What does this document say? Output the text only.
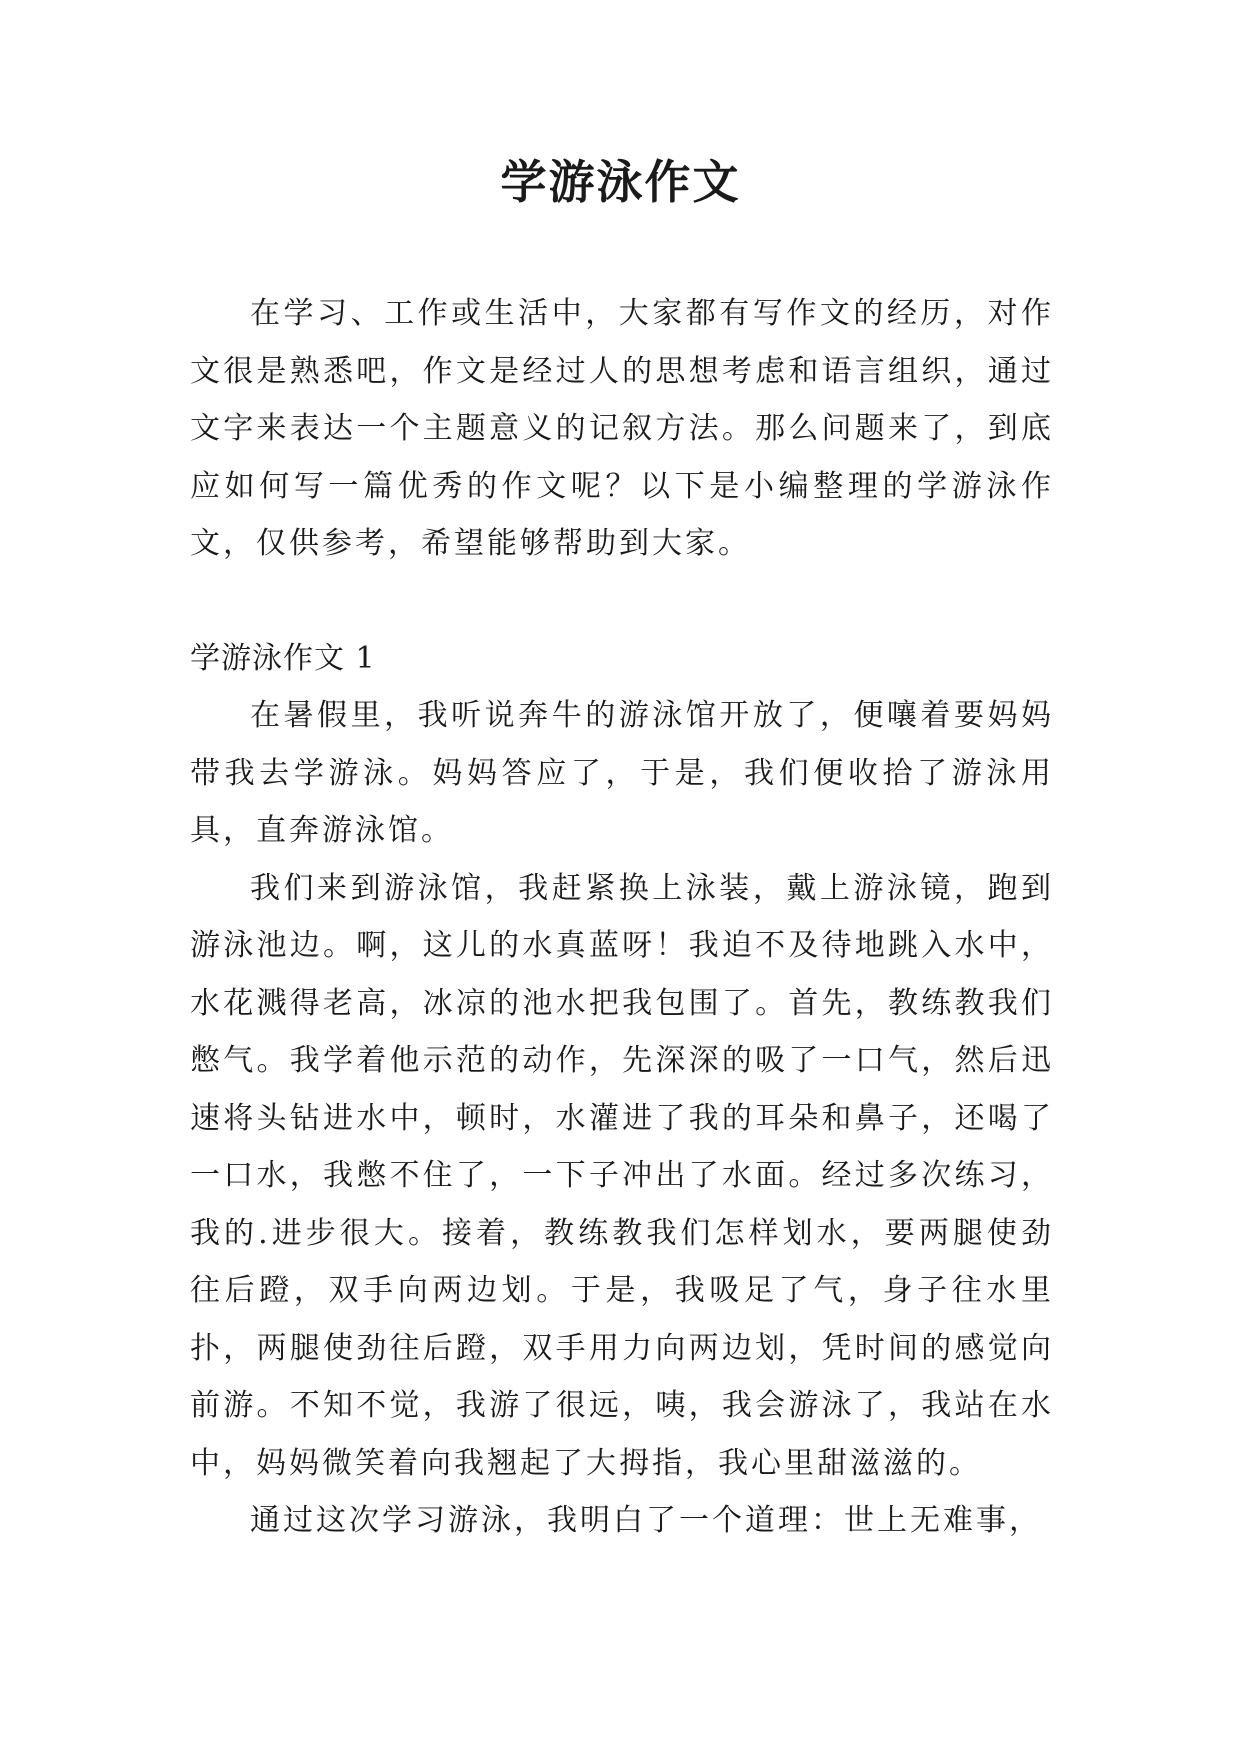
学游泳作文

在学习、工作或生活中，大家都有写作文的经历，对作文很是熟悉吧，作文是经过人的思想考虑和语言组织，通过文字来表达一个主题意义的记叙方法。那么问题来了，到底应如何写一篇优秀的作文呢？以下是小编整理的学游泳作文，仅供参考，希望能够帮助到大家。

学游泳作文 1

在暑假里，我听说奔牛的游泳馆开放了，便嚷着要妈妈带我去学游泳。妈妈答应了，于是，我们便收拾了游泳用具，直奔游泳馆。

我们来到游泳馆，我赶紧换上泳装，戴上游泳镜，跑到游泳池边。啊，这儿的水真蓝呀！我迫不及待地跳入水中，水花溅得老高，冰凉的池水把我包围了。首先，教练教我们憋气。我学着他示范的动作，先深深的吸了一口气，然后迅速将头钻进水中，顿时，水灌进了我的耳朵和鼻子，还喝了一口水，我憋不住了，一下子冲出了水面。经过多次练习，我的.进步很大。接着，教练教我们怎样划水，要两腿使劲往后蹬，双手向两边划。于是，我吸足了气，身子往水里扑，两腿使劲往后蹬，双手用力向两边划，凭时间的感觉向前游。不知不觉，我游了很远，咦，我会游泳了，我站在水中，妈妈微笑着向我翘起了大拇指，我心里甜滋滋的。

通过这次学习游泳，我明白了一个道理：世上无难事，
